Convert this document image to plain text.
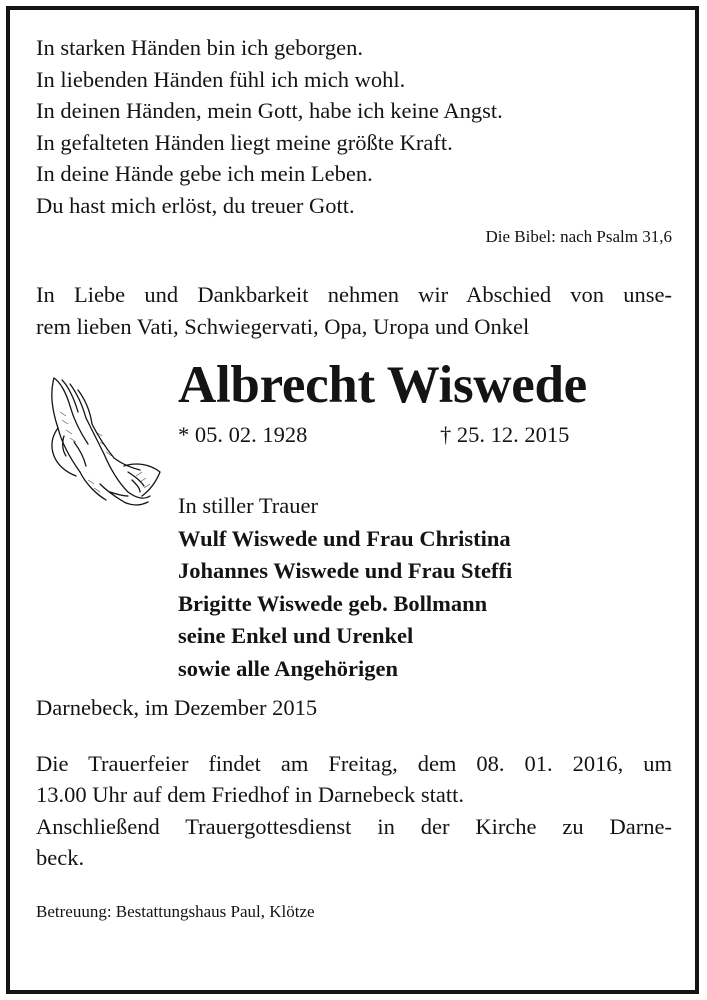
In starken Händen bin ich geborgen.
In liebenden Händen fühl ich mich wohl.
In deinen Händen, mein Gott, habe ich keine Angst.
In gefalteten Händen liegt meine größte Kraft.
In deine Hände gebe ich mein Leben.
Du hast mich erlöst, du treuer Gott.
Die Bibel: nach Psalm 31,6
In Liebe und Dankbarkeit nehmen wir Abschied von unse-
rem lieben Vati, Schwiegervati, Opa, Uropa und Onkel
Albrecht Wiswede
* 05. 02. 1928	† 25. 12. 2015
In stiller Trauer
Wulf Wiswede und Frau Christina
Johannes Wiswede und Frau Steffi
Brigitte Wiswede geb. Bollmann
seine Enkel und Urenkel
sowie alle Angehörigen
Darnebeck, im Dezember 2015
Die Trauerfeier findet am Freitag, dem 08. 01. 2016, um
13.00 Uhr auf dem Friedhof in Darnebeck statt.
Anschließend Trauergottesdienst in der Kirche zu Darne-
beck.
Betreuung: Bestattungshaus Paul, Klötze
